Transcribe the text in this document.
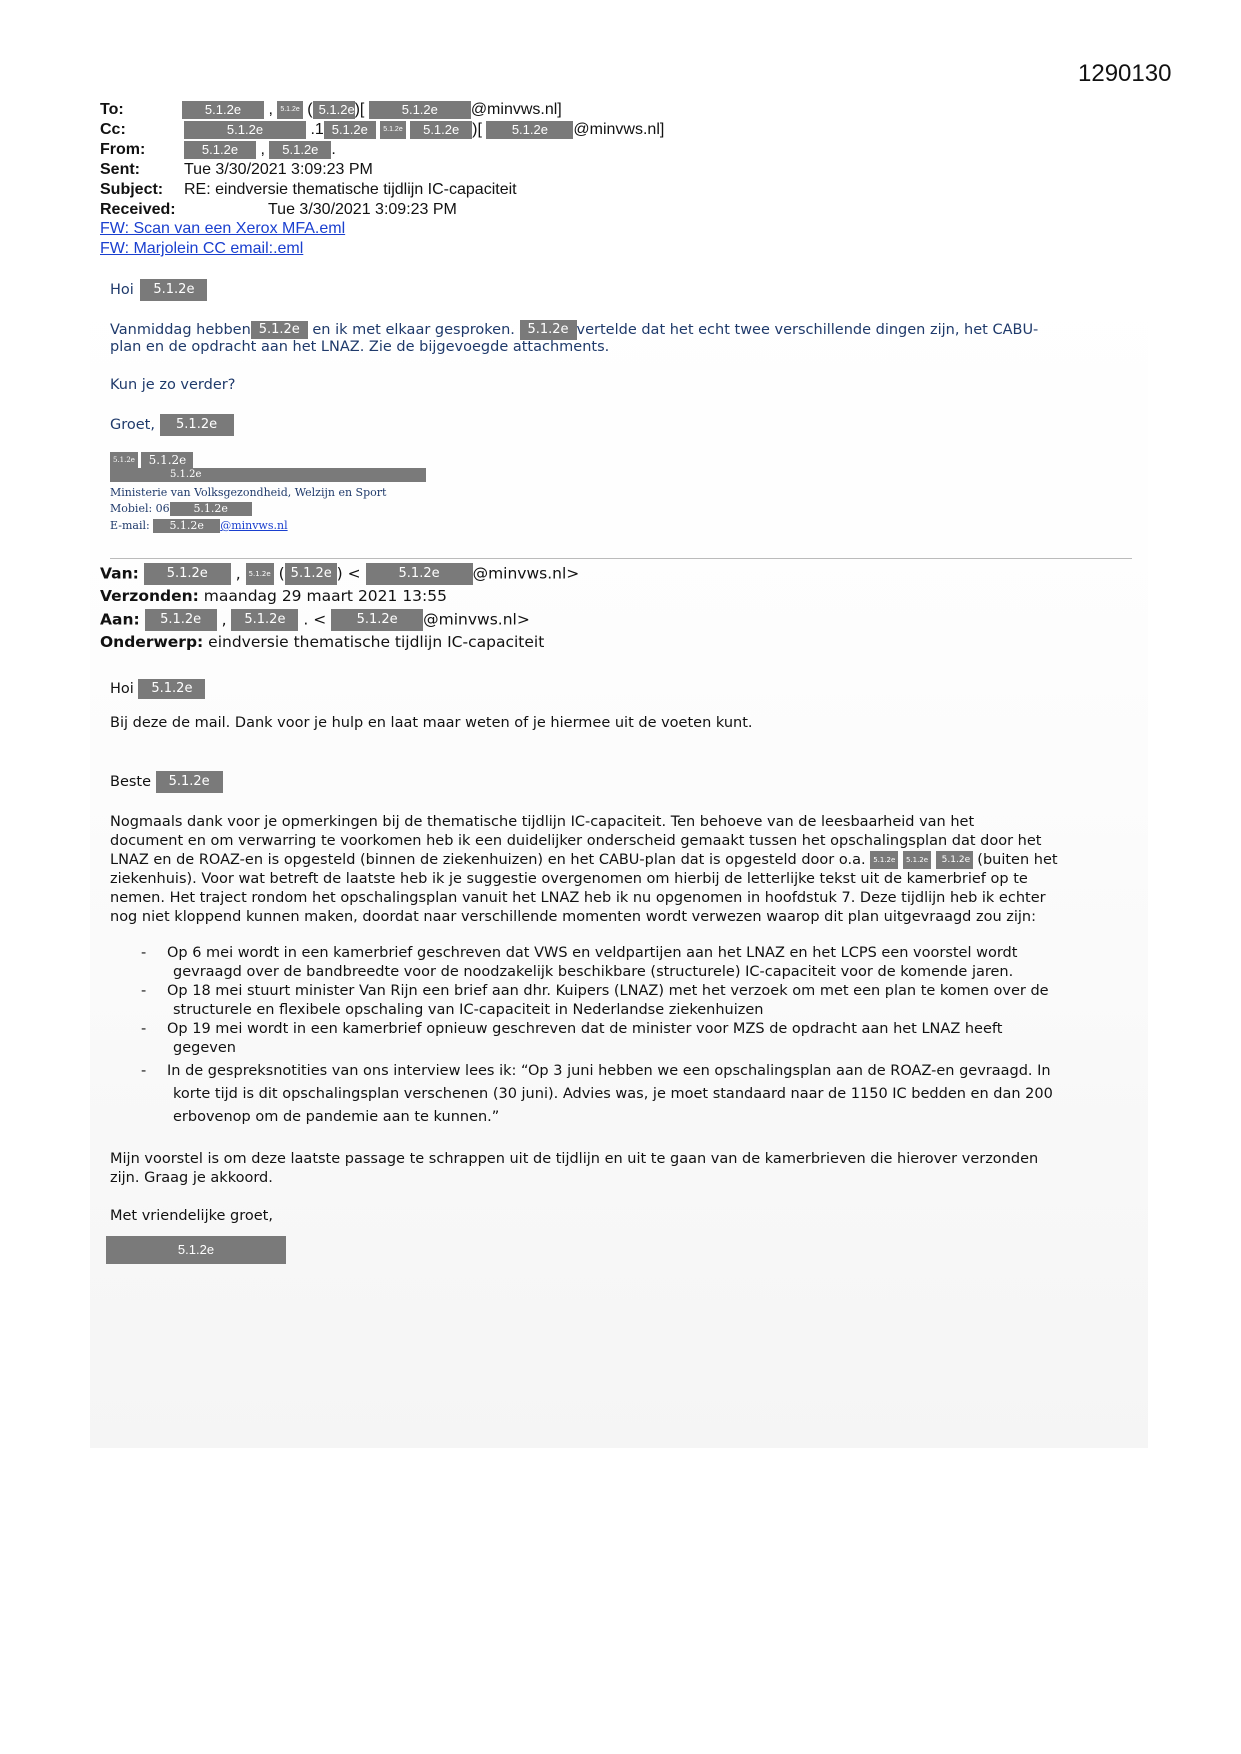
1290130
To:	5.1.2e , 5.1.2e ( 5.1.2e)[	5.1.2e @minvws.nl]
Cc:	5.1.2e	.1 5.1.2e 5.1.2e 5.1.2e )[ 5.1.2e @minvws.nl]
From:	5.1.2e , 5.1.2e .
Sent:	Tue 3/30/2021 3:09:23 PM
Subject: RE: eindversie thematische tijdlijn IC-capaciteit
Received:	Tue 3/30/2021 3:09:23 PM
FW: Scan van een Xerox MFA.eml
FW: Marjolein CC email:.eml
Hoi 5.1.2e
Vanmiddag hebben 5.1.2e en ik met elkaar gesproken. 5.1.2e vertelde dat het echt twee verschillende dingen zijn, het CABU-
plan en de opdracht aan het LNAZ. Zie de bijgevoegde attachments.
Kun je zo verder?
Groet, 5.1.2e
5.1.2e 5.1.2e
5.1.2e
Ministerie van Volksgezondheid, Welzijn en Sport
Mobiel: 06 5.1.2e
E-mail: 5.1.2e @minvws.nl
Van: 5.1.2e , 5.1.2e ( 5.1.2e ) <	5.1.2e @minvws.nl>
Verzonden: maandag 29 maart 2021 13:55
Aan: 5.1.2e , 5.1.2e . < 5.1.2e @minvws.nl>
Onderwerp: eindversie thematische tijdlijn IC-capaciteit
Hoi 5.1.2e
Bij deze de mail. Dank voor je hulp en laat maar weten of je hiermee uit de voeten kunt.
Beste 5.1.2e
Nogmaals dank voor je opmerkingen bij de thematische tijdlijn IC-capaciteit. Ten behoeve van de leesbaarheid van het
document en om verwarring te voorkomen heb ik een duidelijker onderscheid gemaakt tussen het opschalingsplan dat door het
LNAZ en de ROAZ-en is opgesteld (binnen de ziekenhuizen) en het CABU-plan dat is opgesteld door o.a. 5.1.2e 5.1.2e 5.1.2e (buiten het
ziekenhuis). Voor wat betreft de laatste heb ik je suggestie overgenomen om hierbij de letterlijke tekst uit de kamerbrief op te
nemen. Het traject rondom het opschalingsplan vanuit het LNAZ heb ik nu opgenomen in hoofdstuk 7. Deze tijdlijn heb ik echter
nog niet kloppend kunnen maken, doordat naar verschillende momenten wordt verwezen waarop dit plan uitgevraagd zou zijn:
- Op 6 mei wordt in een kamerbrief geschreven dat VWS en veldpartijen aan het LNAZ en het LCPS een voorstel wordt
gevraagd over de bandbreedte voor de noodzakelijk beschikbare (structurele) IC-capaciteit voor de komende jaren.
- Op 18 mei stuurt minister Van Rijn een brief aan dhr. Kuipers (LNAZ) met het verzoek om met een plan te komen over de
structurele en flexibele opschaling van IC-capaciteit in Nederlandse ziekenhuizen
- Op 19 mei wordt in een kamerbrief opnieuw geschreven dat de minister voor MZS de opdracht aan het LNAZ heeft
gegeven
- In de gespreksnotities van ons interview lees ik: “Op 3 juni hebben we een opschalingsplan aan de ROAZ-en gevraagd. In
korte tijd is dit opschalingsplan verschenen (30 juni). Advies was, je moet standaard naar de 1150 IC bedden en dan 200
erbovenop om de pandemie aan te kunnen.”
Mijn voorstel is om deze laatste passage te schrappen uit de tijdlijn en uit te gaan van de kamerbrieven die hierover verzonden
zijn. Graag je akkoord.
Met vriendelijke groet,
5.1.2e
